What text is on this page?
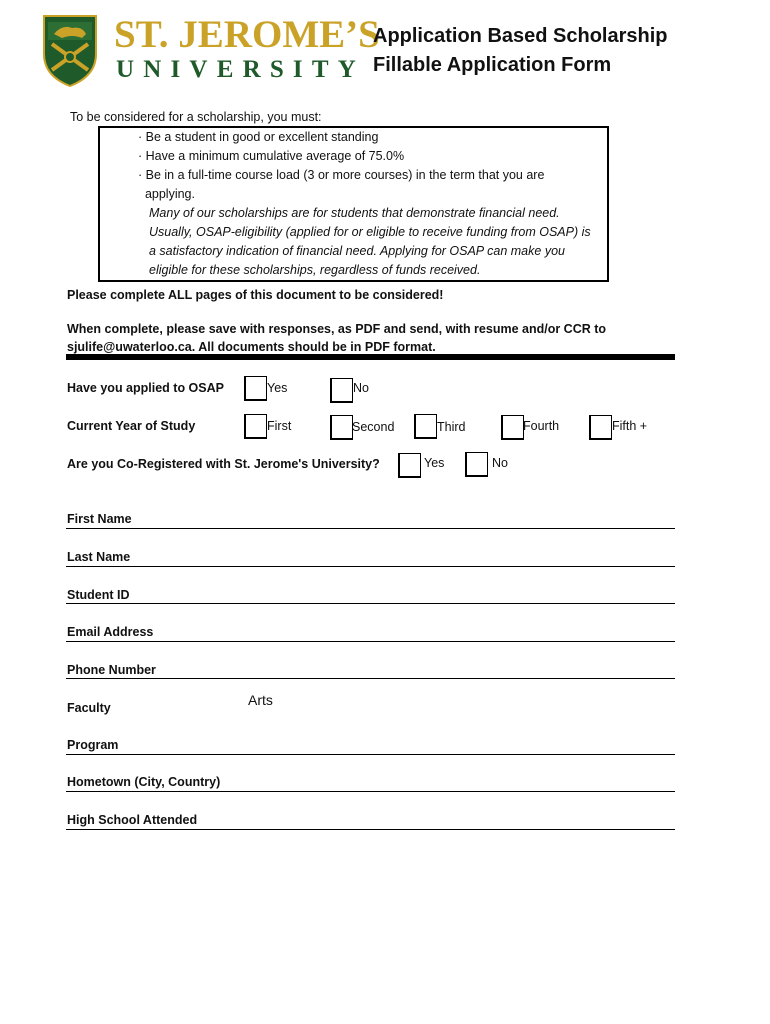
ST. JEROME’S
UNIVERSITY
Application Based Scholarship
Fillable Application Form
To be considered for a scholarship, you must:
· Be a student in good or excellent standing
· Have a minimum cumulative average of 75.0%
· Be in a full-time course load (3 or more courses) in the term that you are
applying.
Many of our scholarships are for students that demonstrate financial need. Usually, OSAP-eligibility (applied for or eligible to receive funding from OSAP) is a satisfactory indication of financial need. Applying for OSAP can make you eligible for these scholarships, regardless of funds received.
Please complete ALL pages of this document to be considered!
When complete, please save with responses, as PDF and send, with resume and/or CCR to
sjulife@uwaterloo.ca. All documents should be in PDF format.
Have you applied to OSAP	Yes	No
Current Year of Study	First	Second	Third	Fourth	Fifth +
Are you Co-Registered with St. Jerome's University?	Yes	No
First Name
Last Name
Student ID
Email Address
Phone Number
Faculty	Arts
Program
Hometown (City, Country)
High School Attended
